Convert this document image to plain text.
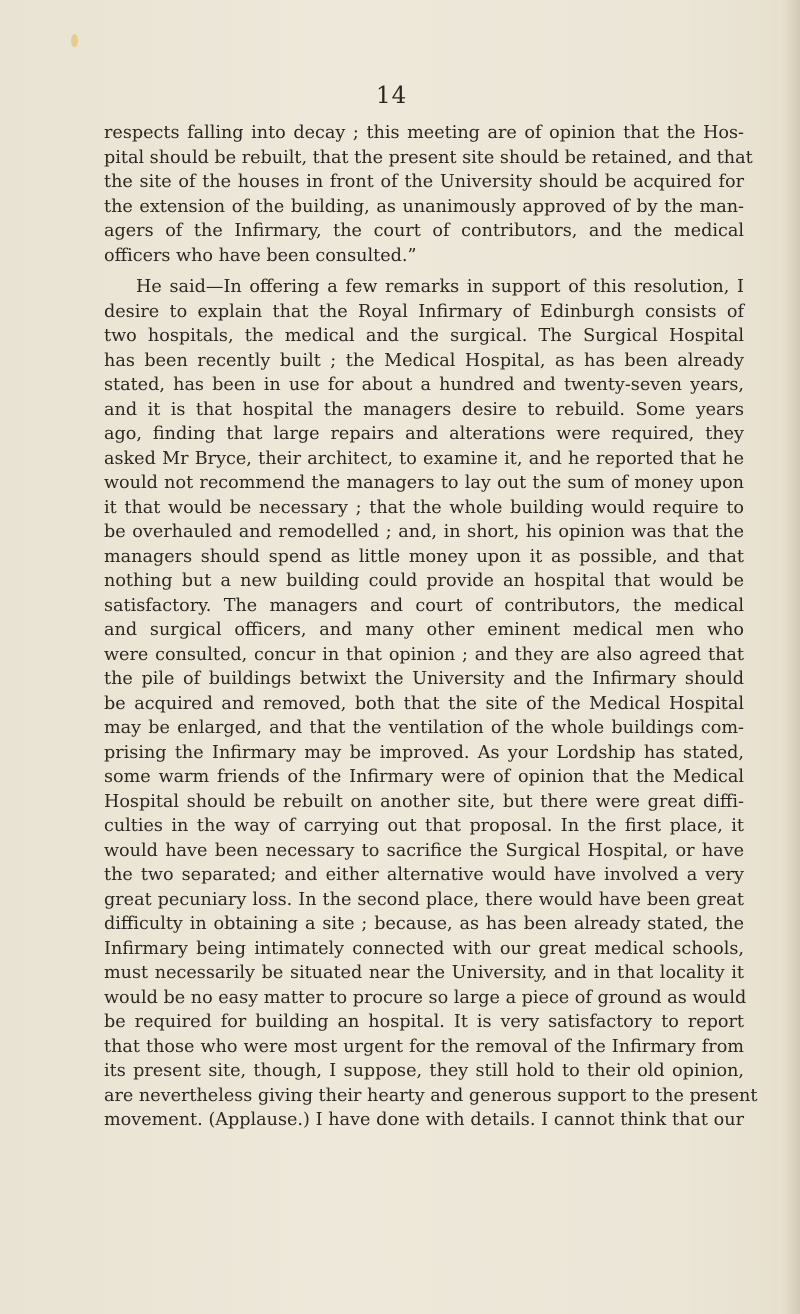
14
respects falling into decay ; this meeting are of opinion that the Hos-
pital should be rebuilt, that the present site should be retained, and that
the site of the houses in front of the University should be acquired for
the extension of the building, as unanimously approved of by the man-
agers of the Infirmary, the court of contributors, and the medical
officers who have been consulted.”
He said—In offering a few remarks in support of this resolution, I
desire to explain that the Royal Infirmary of Edinburgh consists of
two hospitals, the medical and the surgical. The Surgical Hospital
has been recently built ; the Medical Hospital, as has been already
stated, has been in use for about a hundred and twenty-seven years,
and it is that hospital the managers desire to rebuild. Some years
ago, finding that large repairs and alterations were required, they
asked Mr Bryce, their architect, to examine it, and he reported that he
would not recommend the managers to lay out the sum of money upon
it that would be necessary ; that the whole building would require to
be overhauled and remodelled ; and, in short, his opinion was that the
managers should spend as little money upon it as possible, and that
nothing but a new building could provide an hospital that would be
satisfactory. The managers and court of contributors, the medical
and surgical officers, and many other eminent medical men who
were consulted, concur in that opinion ; and they are also agreed that
the pile of buildings betwixt the University and the Infirmary should
be acquired and removed, both that the site of the Medical Hospital
may be enlarged, and that the ventilation of the whole buildings com-
prising the Infirmary may be improved. As your Lordship has stated,
some warm friends of the Infirmary were of opinion that the Medical
Hospital should be rebuilt on another site, but there were great diffi-
culties in the way of carrying out that proposal. In the first place, it
would have been necessary to sacrifice the Surgical Hospital, or have
the two separated; and either alternative would have involved a very
great pecuniary loss. In the second place, there would have been great
difficulty in obtaining a site ; because, as has been already stated, the
Infirmary being intimately connected with our great medical schools,
must necessarily be situated near the University, and in that locality it
would be no easy matter to procure so large a piece of ground as would
be required for building an hospital. It is very satisfactory to report
that those who were most urgent for the removal of the Infirmary from
its present site, though, I suppose, they still hold to their old opinion,
are nevertheless giving their hearty and generous support to the present
movement. (Applause.) I have done with details. I cannot think that our
